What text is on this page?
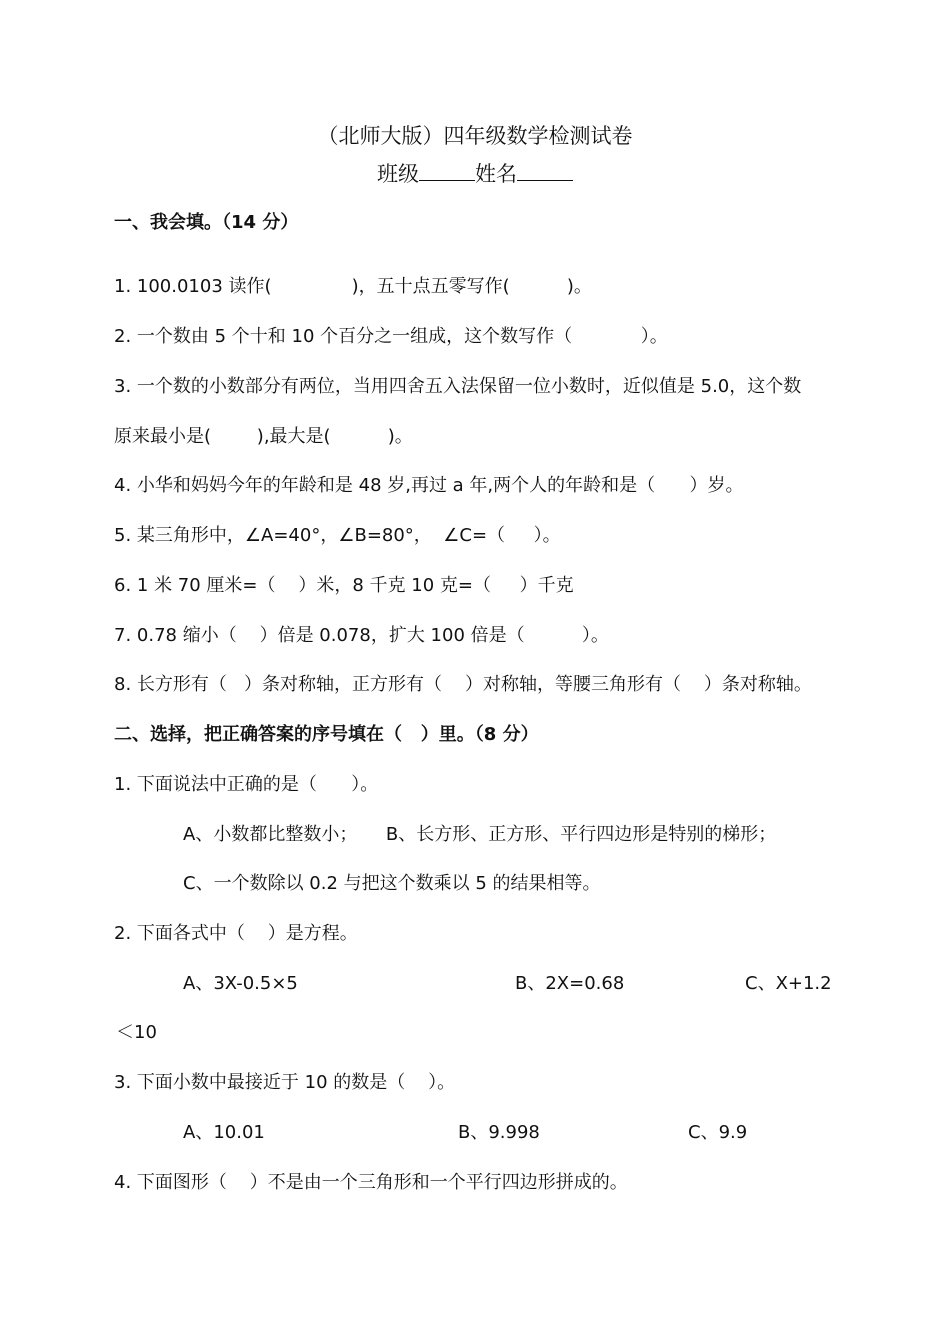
（北师大版）四年级数学检测试卷
班级	姓名
一、我会填。（14 分）
1. 100.0103 读作(              )，五十点五零写作(          )。
2. 一个数由 5 个十和 10 个百分之一组成，这个数写作（            ）。
3. 一个数的小数部分有两位，当用四舍五入法保留一位小数时，近似值是 5.0，这个数
原来最小是(        ),最大是(          )。
4. 小华和妈妈今年的年龄和是 48 岁,再过 a 年,两个人的年龄和是（      ）岁。
5. 某三角形中，∠A=40°，∠B=80°，  ∠C=（     ）。
6. 1 米 70 厘米=（    ）米，8 千克 10 克=（     ）千克
7. 0.78 缩小（    ）倍是 0.078，扩大 100 倍是（          ）。
8. 长方形有（   ）条对称轴，正方形有（    ）对称轴，等腰三角形有（    ）条对称轴。
二、选择，把正确答案的序号填在（   ）里。（8 分）
1. 下面说法中正确的是（      ）。
A、小数都比整数小；     B、长方形、正方形、平行四边形是特别的梯形；
C、一个数除以 0.2 与把这个数乘以 5 的结果相等。
2. 下面各式中（    ）是方程。
A、3X-0.5×5	B、2X=0.68	C、X+1.2
＜10
3. 下面小数中最接近于 10 的数是（    ）。
A、10.01	B、9.998	C、9.9
4. 下面图形（    ）不是由一个三角形和一个平行四边形拼成的。
